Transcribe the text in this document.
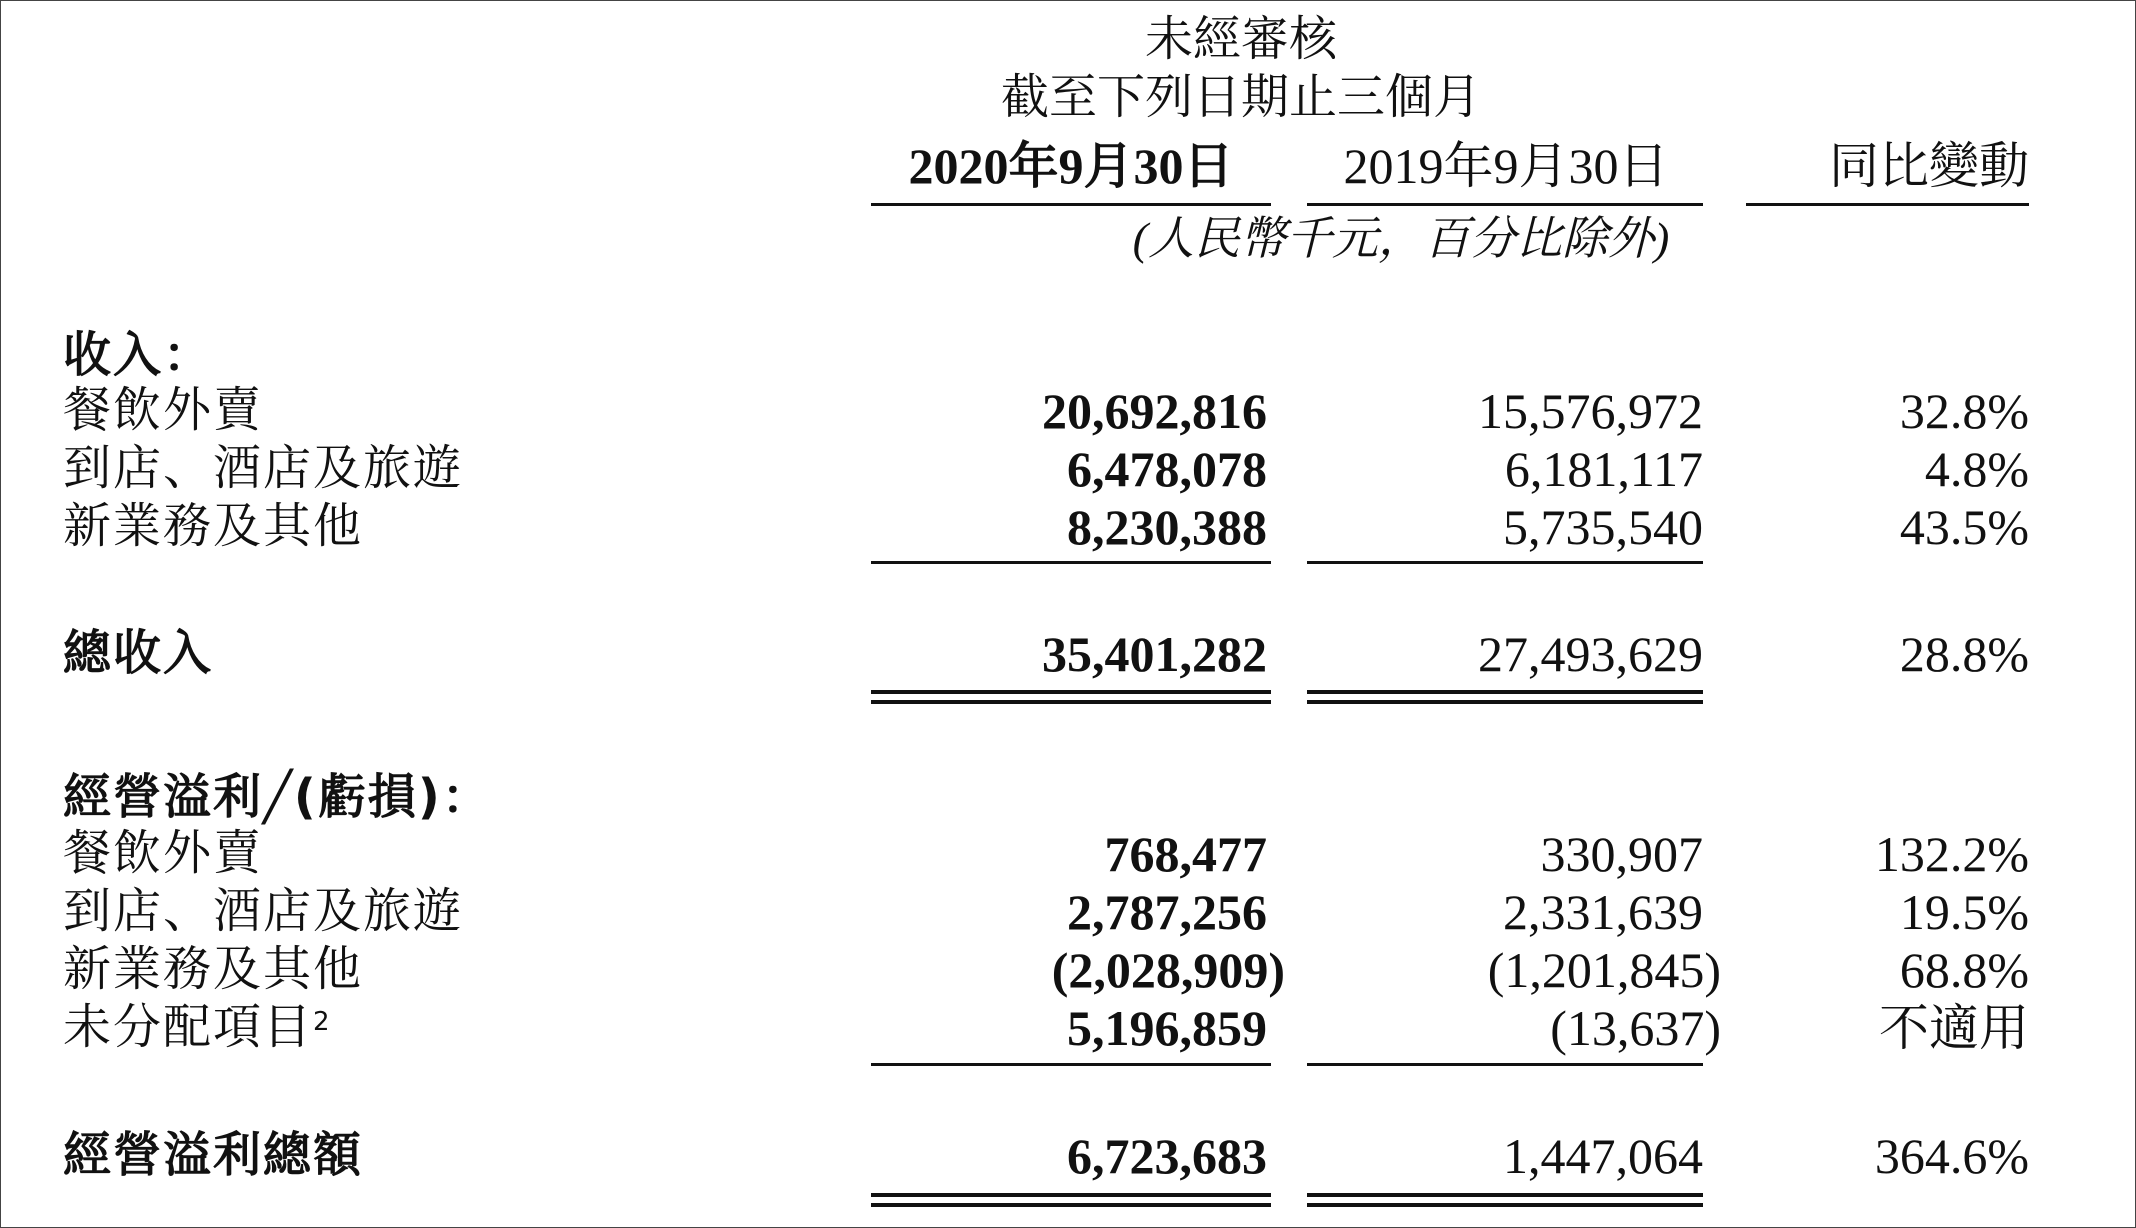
未經審核
截至下列日期止三個月
2020年9月30日	2019年9月30日	同比變動
(人民幣千元，百分比除外)
收入：
餐飲外賣	20,692,816	15,576,972	32.8%
到店、酒店及旅遊	6,478,078	6,181,117	4.8%
新業務及其他	8,230,388	5,735,540	43.5%
總收入	35,401,282	27,493,629	28.8%
經營溢利╱(虧損)：
餐飲外賣	768,477	330,907	132.2%
到店、酒店及旅遊	2,787,256	2,331,639	19.5%
新業務及其他	(2,028,909)	(1,201,845)	68.8%
未分配項目$^2$	5,196,859	(13,637)	不適用
經營溢利總額	6,723,683	1,447,064	364.6%
